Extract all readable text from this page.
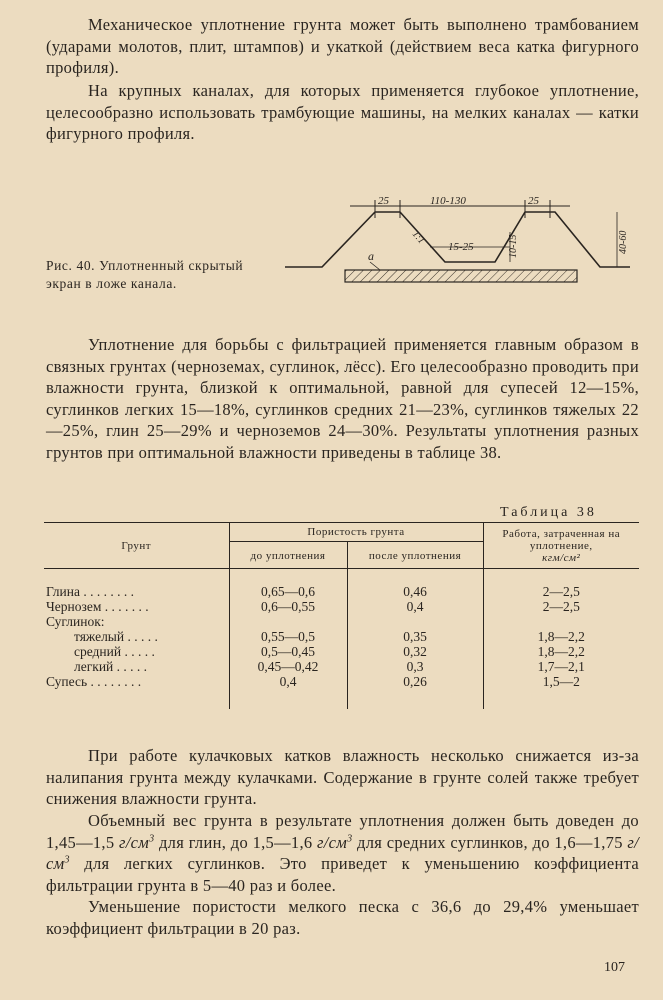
Механическое уплотнение грунта может быть выполнено трамбованием (ударами молотов, плит, штампов) и укаткой (действием веса катка фигурного профиля).

На крупных каналах, для которых применяется глубокое уплотнение, целесообразно использовать трамбующие машины, на мелких каналах — катки фигурного профиля.

Рис. 40. Уплотненный скрытый экран в ложе канала.

25	110-130	25
15-25	10-15	40-60
1:1
а

Уплотнение для борьбы с фильтрацией применяется главным образом в связных грунтах (черноземах, суглинок, лёсс). Его целесообразно проводить при влажности грунта, близкой к оптимальной, равной для супесей 12—15%, суглинков легких 15—18%, суглинков средних 21—23%, суглинков тяжелых 22—25%, глин 25—29% и черноземов 24—30%. Результаты уплотнения разных грунтов при оптимальной влажности приведены в таблице 38.

Таблица 38
Грунт	Пористость грунта		Работа, затраченная на уплотнение,
кгм/см²
	до уплотнения	после уплотнения	

Глина . . . . . . . .	0,65—0,6	0,46	2—2,5
Чернозем . . . . . . .	0,6—0,55	0,4	2—2,5
Суглинок:			
тяжелый . . . . .	0,55—0,5	0,35	1,8—2,2
средний . . . . .	0,5—0,45	0,32	1,8—2,2
легкий . . . . .	0,45—0,42	0,3	1,7—2,1
Супесь . . . . . . . .	0,4	0,26	1,5—2

При работе кулачковых катков влажность несколько снижается из-за налипания грунта между кулачками. Содержание в грунте солей также требует снижения влажности грунта.

Объемный вес грунта в результате уплотнения должен быть доведен до 1,45—1,5 $г/см^3$ для глин, до 1,5—1,6 $г/см^3$ для средних суглинков, до 1,6—1,75 $г/см^3$ для легких суглинков. Это приведет к уменьшению коэффициента фильтрации грунта в 5—40 раз и более.

Уменьшение пористости мелкого песка с 36,6 до 29,4% уменьшает коэффициент фильтрации в 20 раз.

107
